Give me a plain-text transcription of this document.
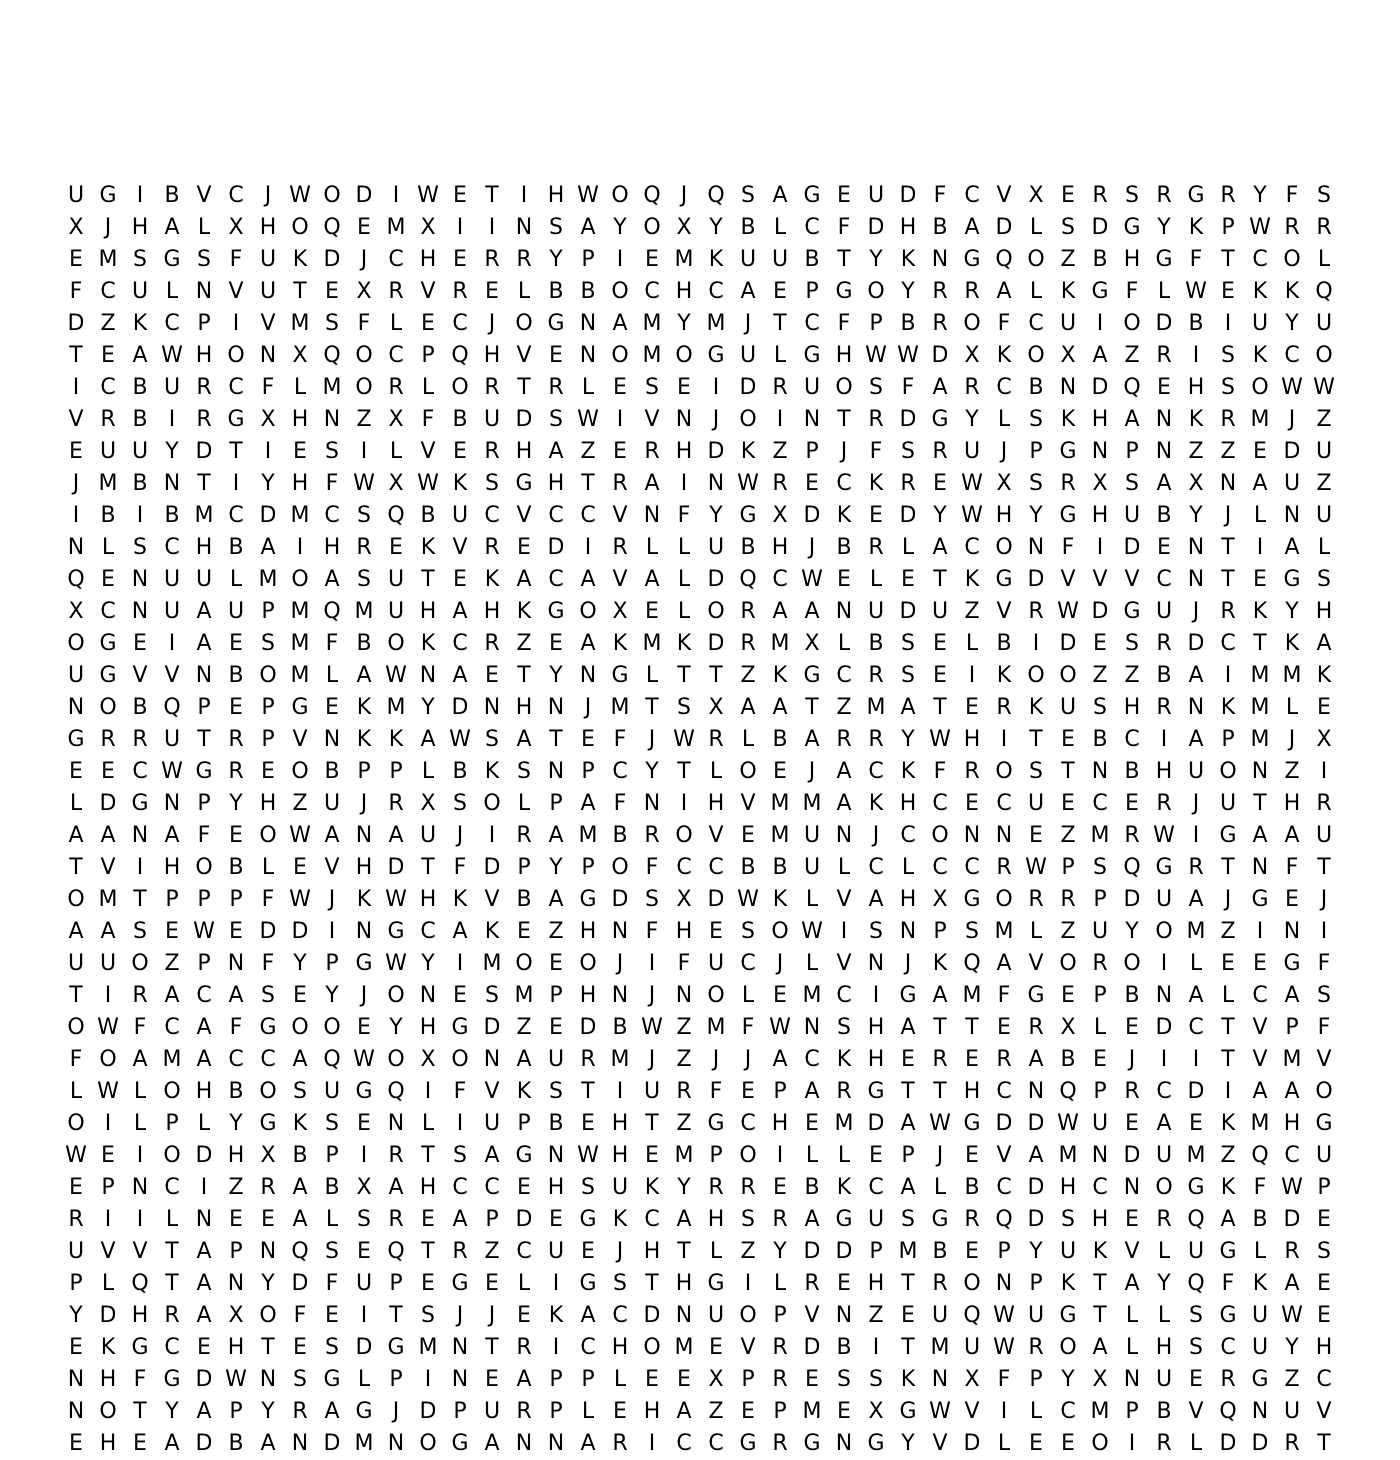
U G I B V C J W O D I W E T	I H W O Q J Q S A G E U D F C V X E R S R G R Y F S
X J H A L X H O Q E M X I	I N S A Y O X Y B L C F D H B A D L S D G Y K P W R R
E M S G S F U K D J C H E R R Y P	I E M K U U B T Y K N G Q O Z B H G F T C O L
F C U L N V U T E X R V R E L B B O C H C A E P G O Y R R A L K G F L W E K K Q
D Z K C P	I V M S F L E C J O G N A M Y M J	T C F P B R O F C U I O D B I U Y U
T E A W H O N X Q O C P Q H V E N O M O G U L G H W W D X K O X A Z R I S K C O
I C B U R C F L M O R L O R T R L E S E I D R U O S F A R C B N D Q E H S O W W
V R B I R G X H N Z X F B U D S W I V N J O I N T R D G Y L S K H A N K R M J Z
E U U Y D T	I E S I	L V E R H A Z E R H D K Z P	J	F S R U J	P G N P N Z Z E D U
J M B N T	I	Y H F W X W K S G H T R A I N W R E C K R E W X S R X S A X N A U Z
I B I B M C D M C S Q B U C V C C V N F Y G X D K E D Y W H Y G H U B Y	J	L N U
N L S C H B A I H R E K V R E D I R L L U B H J B R L A C O N F	I D E N T	I A L
Q E N U U L M O A S U T E K A C A V A L D Q C W E L E T K G D V V V C N T E G S
X C N U A U P M Q M U H A H K G O X E L O R A A N U D U Z V R W D G U J R K Y H
O G E I A E S M F B O K C R Z E A K M K D R M X L B S E L B I D E S R D C T K A
U G V V N B O M L A W N A E T Y N G L T T Z K G C R S E I K O O Z Z B A I M M K
N O B Q P E P G E K M Y D N H N J M T S X A A T Z M A T E R K U S H R N K M L E
G R R U T R P V N K K A W S A T E F	J W R L B A R R Y W H I	T E B C I A P M J X
E E C W G R E O B P P L B K S N P C Y T L O E J A C K F R O S T N B H U O N Z I
L D G N P Y H Z U J R X S O L P A F N I H V M M A K H C E C U E C E R J U T H R
A A N A F E O W A N A U J	I R A M B R O V E M U N J C O N N E Z M R W I G A A U
T V I H O B L E V H D T F D P Y P O F C C B B U L C L C C R W P S Q G R T N F T
O M T P P P F W J K W H K V B A G D S X D W K L V A H X G O R R P D U A J G E J
A A S E W E D D I N G C A K E Z H N F H E S O W I S N P S M L Z U Y O M Z I N I
U U O Z P N F Y P G W Y	I M O E O J	I	F U C J	L V N J K Q A V O R O I	L E E G F
T	I R A C A S E Y	J O N E S M P H N J N O L E M C I G A M F G E P B N A L C A S
O W F C A F G O O E Y H G D Z E D B W Z M F W N S H A T T E R X L E D C T V P F
F O A M A C C A Q W O X O N A U R M J Z J	J A C K H E R E R A B E J	I	I	T V M V
L W L O H B O S U G Q I	F V K S T	I U R F E P A R G T T H C N Q P R C D I A A O
O I	L P L Y G K S E N L	I U P B E H T Z G C H E M D A W G D D W U E A E K M H G
W E I O D H X B P	I R T S A G N W H E M P O I	L L E P	J E V A M N D U M Z Q C U
E P N C I Z R A B X A H C C E H S U K Y R R E B K C A L B C D H C N O G K F W P
R I	I	L N E E A L S R E A P D E G K C A H S R A G U S G R Q D S H E R Q A B D E
U V V T A P N Q S E Q T R Z C U E J H T L Z Y D D P M B E P Y U K V L U G L R S
P L Q T A N Y D F U P E G E L	I G S T H G I	L R E H T R O N P K T A Y Q F K A E
Y D H R A X O F E I	T S J	J E K A C D N U O P V N Z E U Q W U G T L L S G U W E
E K G C E H T E S D G M N T R I C H O M E V R D B I	T M U W R O A L H S C U Y H
N H F G D W N S G L P	I N E A P P L E E X P R E S S K N X F P Y X N U E R G Z C
N O T Y A P Y R A G J D P U R P L E H A Z E P M E X G W V I	L C M P B V Q N U V
E H E A D B A N D M N O G A N N A R I C C G R G N G Y V D L E E O I R L D D R T
